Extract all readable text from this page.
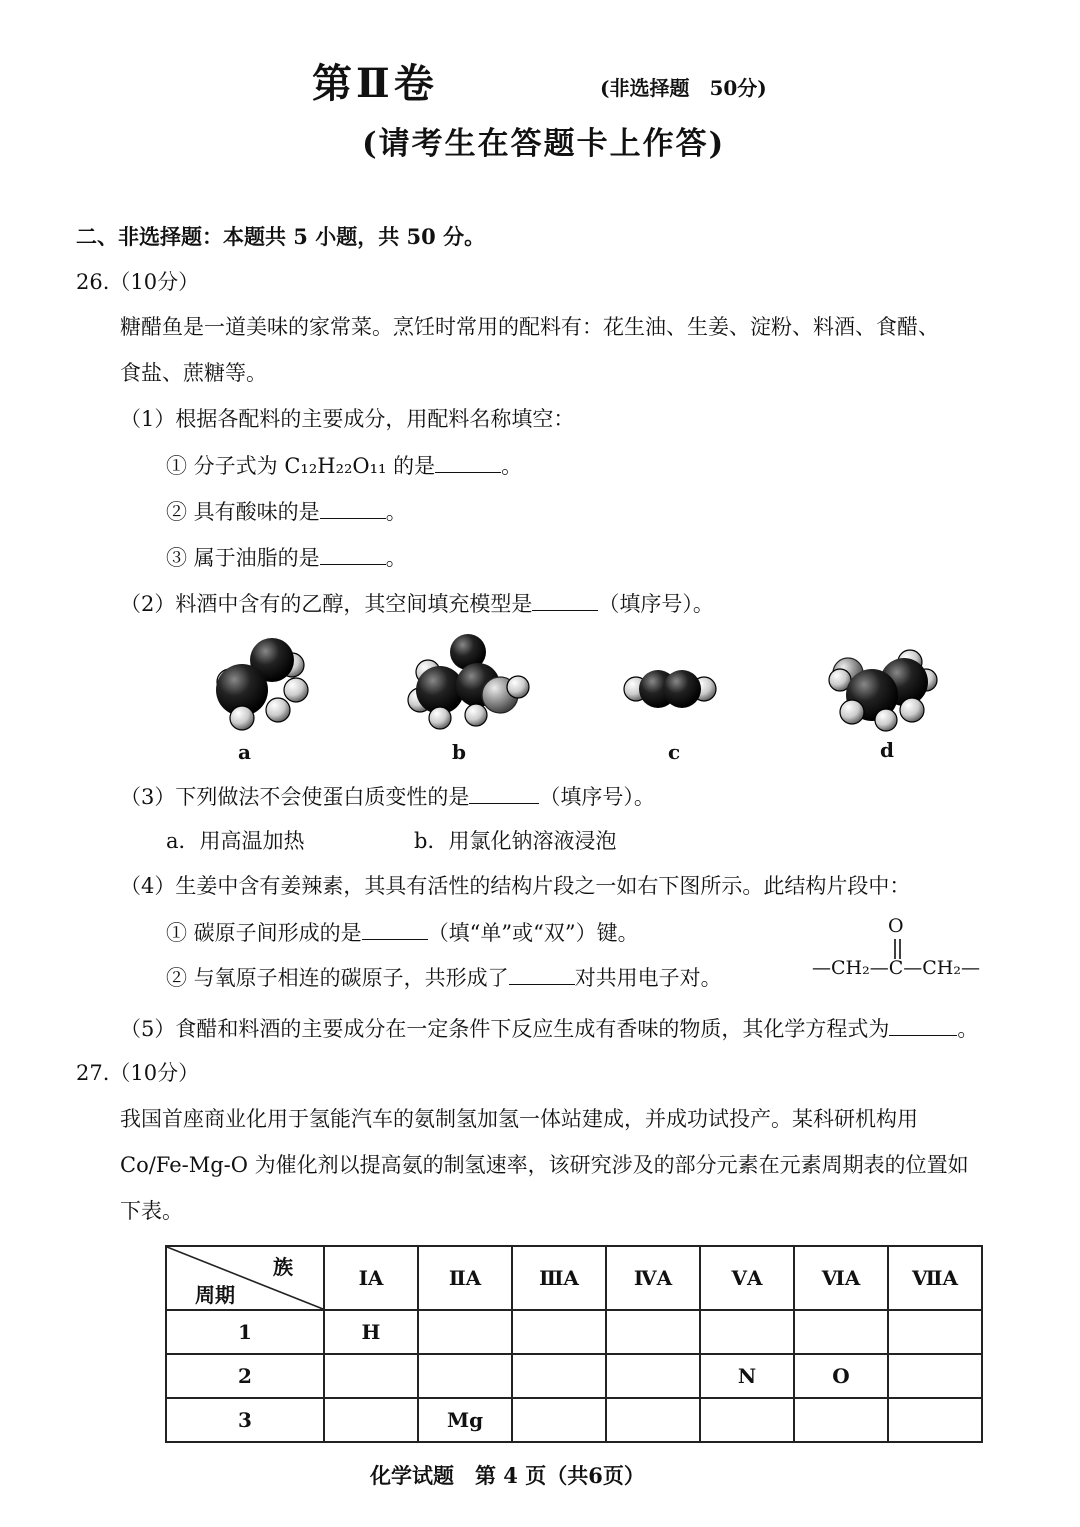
第Ⅱ卷	(非选择题　50分)
(请考生在答题卡上作答)
二、非选择题：本题共 5 小题，共 50 分。
26.（10分）
糖醋鱼是一道美味的家常菜。烹饪时常用的配料有：花生油、生姜、淀粉、料酒、食醋、
食盐、蔗糖等。
（1）根据各配料的主要成分，用配料名称填空：
① 分子式为 C₁₂H₂₂O₁₁ 的是	。
② 具有酸味的是	。
③ 属于油脂的是	。
（2）料酒中含有的乙醇，其空间填充模型是	（填序号）。
a	b	c	d
（3）下列做法不会使蛋白质变性的是	（填序号）。
a．用高温加热	b．用氯化钠溶液浸泡
（4）生姜中含有姜辣素，其具有活性的结构片段之一如右下图所示。此结构片段中：
① 碳原子间形成的是	（填“单”或“双”）键。
② 与氧原子相连的碳原子，共形成了	对共用电子对。
O
—CH₂—C—CH₂—
（5）食醋和料酒的主要成分在一定条件下反应生成有香味的物质，其化学方程式为	。
27.（10分）
我国首座商业化用于氢能汽车的氨制氢加氢一体站建成，并成功试投产。某科研机构用
Co/Fe-Mg-O 为催化剂以提高氨的制氢速率，该研究涉及的部分元素在元素周期表的位置如
下表。
族
周期	ⅠA	ⅡA	ⅢA	ⅣA	ⅤA	ⅥA	ⅦA
1	H						
2					N	O	
3		Mg					
化学试题　第 4 页（共6页）
